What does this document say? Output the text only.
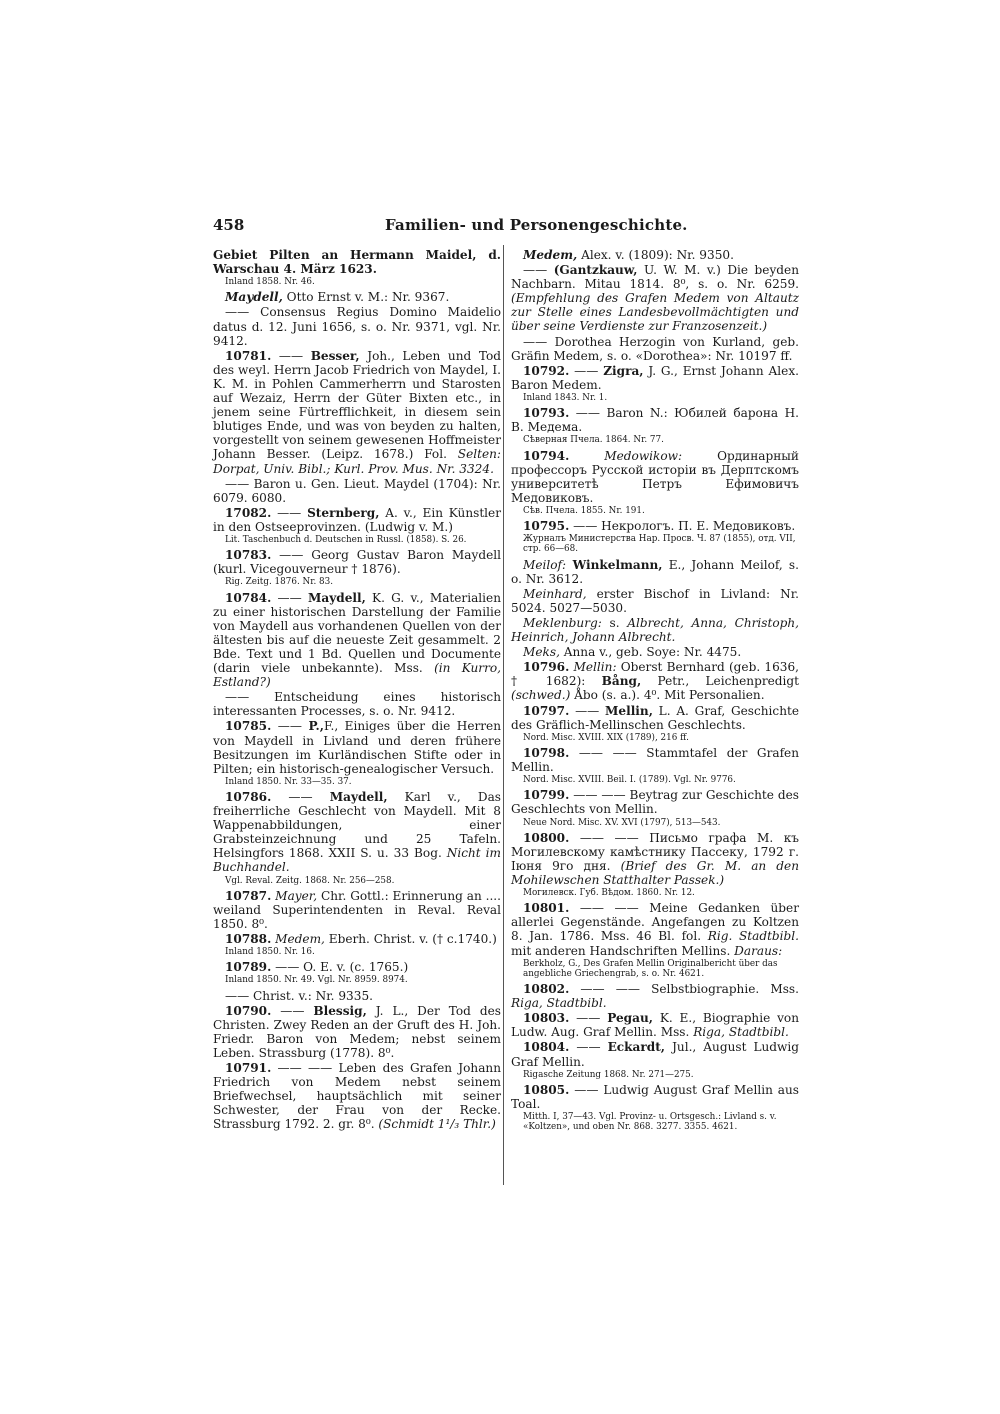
458	Familien- und Personengeschichte.

Gebiet Pilten an Hermann Maidel, d. Warschau 4. März 1623.

Inland 1858. Nr. 46.

Maydell, Otto Ernst v. M.: Nr. 9367.

—— Consensus Regius Domino Maidelio datus d. 12. Juni 1656, s. o. Nr. 9371, vgl. Nr. 9412.

10781. —— Besser, Joh., Leben und Tod des weyl. Herrn Jacob Friedrich von Maydel, I. K. M. in Pohlen Cammerherrn und Starosten auf Wezaiz, Herrn der Güter Bixten etc., in jenem seine Fürtrefflichkeit, in diesem sein blutiges Ende, und was von beyden zu halten, vorgestellt von seinem gewesenen Hoffmeister Johann Besser. (Leipz. 1678.) Fol. Selten: Dorpat, Univ. Bibl.; Kurl. Prov. Mus. Nr. 3324.

—— Baron u. Gen. Lieut. Maydel (1704): Nr. 6079. 6080.

17082. —— Sternberg, A. v., Ein Künstler in den Ostseeprovinzen. (Ludwig v. M.)

Lit. Taschenbuch d. Deutschen in Russl. (1858). S. 26.

10783. —— Georg Gustav Baron Maydell (kurl. Vicegouverneur † 1876).

Rig. Zeitg. 1876. Nr. 83.

10784. —— Maydell, K. G. v., Materialien zu einer historischen Darstellung der Familie von Maydell aus vorhandenen Quellen von der ältesten bis auf die neueste Zeit gesammelt. 2 Bde. Text und 1 Bd. Quellen und Documente (darin viele unbekannte). Mss. (in Kurro, Estland?)

—— Entscheidung eines historisch interessanten Processes, s. o. Nr. 9412.

10785. —— P.,F., Einiges über die Herren von Maydell in Livland und deren frühere Besitzungen im Kurländischen Stifte oder in Pilten; ein historisch-genealogischer Versuch.

Inland 1850. Nr. 33—35. 37.

10786. —— Maydell, Karl v., Das freiherrliche Geschlecht von Maydell. Mit 8 Wappenabbildungen, einer Grabsteinzeichnung und 25 Tafeln. Helsingfors 1868. XXII S. u. 33 Bog. Nicht im Buchhandel.

Vgl. Reval. Zeitg. 1868. Nr. 256—258.

10787. Mayer, Chr. Gottl.: Erinnerung an .... weiland Superintendenten in Reval. Reval 1850. 8⁰.

10788. Medem, Eberh. Christ. v. († c.1740.)

Inland 1850. Nr. 16.

10789. —— O. E. v. (c. 1765.)

Inland 1850. Nr. 49. Vgl. Nr. 8959. 8974.

—— Christ. v.: Nr. 9335.

10790. —— Blessig, J. L., Der Tod des Christen. Zwey Reden an der Gruft des H. Joh. Friedr. Baron von Medem; nebst seinem Leben. Strassburg (1778). 8⁰.

10791. —— —— Leben des Grafen Johann Friedrich von Medem nebst seinem Briefwechsel, hauptsächlich mit seiner Schwester, der Frau von der Recke. Strassburg 1792. 2. gr. 8⁰. (Schmidt 1¹/₃ Thlr.)

Medem, Alex. v. (1809): Nr. 9350.

—— (Gantzkauw, U. W. M. v.) Die beyden Nachbarn. Mitau 1814. 8⁰, s. o. Nr. 6259. (Empfehlung des Grafen Medem von Altautz zur Stelle eines Landesbevollmächtigten und über seine Verdienste zur Franzosenzeit.)

—— Dorothea Herzogin von Kurland, geb. Gräfin Medem, s. o. «Dorothea»: Nr. 10197 ff.

10792. —— Zigra, J. G., Ernst Johann Alex. Baron Medem.

Inland 1843. Nr. 1.

10793. —— Baron N.: Юбилей барона Н. В. Медема.

Сѣверная Пчела. 1864. Nr. 77.

10794. Medowikow: Ординарный профессоръ Русской исторiи въ Дерптскомъ университетѣ Петръ Ефимовичъ Медовиковъ.

Сѣв. Пчела. 1855. Nr. 191.

10795. —— Некрологъ. П. Е. Медовиковъ.

Журналъ Министерства Нар. Просв. Ч. 87 (1855), отд. VII, стр. 66—68.

Meilof: Winkelmann, E., Johann Meilof, s. o. Nr. 3612.

Meinhard, erster Bischof in Livland: Nr. 5024. 5027—5030.

Meklenburg: s. Albrecht, Anna, Christoph, Heinrich, Johann Albrecht.

Meks, Anna v., geb. Soye: Nr. 4475.

10796. Mellin: Oberst Bernhard (geb. 1636, † 1682): Bång, Petr., Leichenpredigt (schwed.) Åbo (s. a.). 4⁰. Mit Personalien.

10797. —— Mellin, L. A. Graf, Geschichte des Gräflich-Mellinschen Geschlechts.

Nord. Misc. XVIII. XIX (1789), 216 ff.

10798. —— —— Stammtafel der Grafen Mellin.

Nord. Misc. XVIII. Beil. I. (1789). Vgl. Nr. 9776.

10799. —— —— Beytrag zur Geschichte des Geschlechts von Mellin.

Neue Nord. Misc. XV. XVI (1797), 513—543.

10800. —— —— Письмо графа М. къ Могилевскому камѣстнику Пассеку, 1792 г. Iюня 9го дня. (Brief des Gr. M. an den Mohilewschen Statthalter Passek.)

Могилевск. Губ. Вѣдом. 1860. Nr. 12.

10801. —— —— Meine Gedanken über allerlei Gegenstände. Angefangen zu Koltzen 8. Jan. 1786. Mss. 46 Bl. fol. Rig. Stadtbibl. mit anderen Handschriften Mellins. Daraus:

Berkholz, G., Des Grafen Mellin Originalbericht über das angebliche Griechengrab, s. o. Nr. 4621.

10802. —— —— Selbstbiographie. Mss. Riga, Stadtbibl.

10803. —— Pegau, K. E., Biographie von Ludw. Aug. Graf Mellin. Mss. Riga, Stadtbibl.

10804. —— Eckardt, Jul., August Ludwig Graf Mellin.

Rigasche Zeitung 1868. Nr. 271—275.

10805. —— Ludwig August Graf Mellin aus Toal.

Mitth. I, 37—43. Vgl. Provinz- u. Ortsgesch.: Livland s. v. «Koltzen», und oben Nr. 868. 3277. 3355. 4621.
